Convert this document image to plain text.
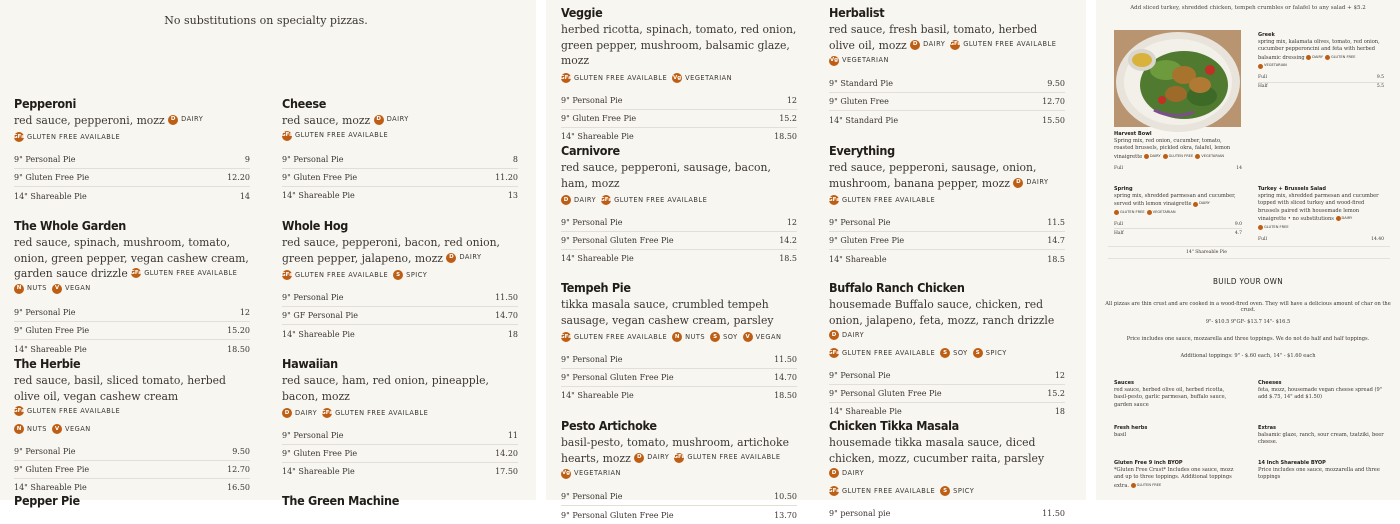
No substitutions on specialty pizzas.
Pepperoni
red sauce, pepperoni, mozz D DAIRY
GFa GLUTEN FREE AVAILABLE
9" Personal Pie	9
9" Gluten Free Pie	12.20
14" Shareable Pie	14
Cheese
red sauce, mozz D DAIRY
GFa GLUTEN FREE AVAILABLE
9" Personal Pie	8
9" Gluten Free Pie	11.20
14" Shareable Pie	13
The Whole Garden
red sauce, spinach, mushroom, tomato, onion, green pepper, vegan cashew cream, garden sauce drizzle GFa GLUTEN FREE AVAILABLE
N NUTS	V VEGAN
9" Personal Pie	12
9" Gluten Free Pie	15.20
14" Shareable Pie	18.50
Whole Hog
red sauce, pepperoni, bacon, red onion, green pepper, jalapeno, mozz D DAIRY
GFa GLUTEN FREE AVAILABLE	S SPICY
9" Personal Pie	11.50
9" GF Personal Pie	14.70
14" Shareable Pie	18
The Herbie
red sauce, basil, sliced tomato, herbed olive oil, vegan cashew cream
GFa GLUTEN FREE AVAILABLE
N NUTS	V VEGAN
9" Personal Pie	9.50
9" Gluten Free Pie	12.70
14" Shareable Pie	16.50
Hawaiian
red sauce, ham, red onion, pineapple, bacon, mozz
D DAIRY GFa GLUTEN FREE AVAILABLE
9" Personal Pie	11
9" Gluten Free Pie	14.20
14" Shareable Pie	17.50
Pepper Pie	The Green Machine
Veggie
herbed ricotta, spinach, tomato, red onion, green pepper, mushroom, balsamic glaze, mozz
GFa GLUTEN FREE AVAILABLE Vg VEGETARIAN
9" Personal Pie	12
9" Gluten Free Pie	15.2
14" Shareable Pie	18.50
Herbalist
red sauce, fresh basil, tomato, herbed olive oil, mozz D DAIRY GFa GLUTEN FREE AVAILABLE
Vg VEGETARIAN
9" Standard Pie	9.50
9" Gluten Free	12.70
14" Standard Pie	15.50
Carnivore
red sauce, pepperoni, sausage, bacon, ham, mozz
D DAIRY GFa GLUTEN FREE AVAILABLE
9" Personal Pie	12
9" Personal Gluten Free Pie	14.2
14" Shareable Pie	18.5
Everything
red sauce, pepperoni, sausage, onion, mushroom, banana pepper, mozz D DAIRY
GFa GLUTEN FREE AVAILABLE
9" Personal Pie	11.5
9" Gluten Free Pie	14.7
14" Shareable	18.5
Tempeh Pie
tikka masala sauce, crumbled tempeh sausage, vegan cashew cream, parsley
GFa GLUTEN FREE AVAILABLE	N NUTS	S SOY	V VEGAN
9" Personal Pie	11.50
9" Personal Gluten Free Pie	14.70
14" Shareable Pie	18.50
Buffalo Ranch Chicken
housemade Buffalo sauce, chicken, red onion, jalapeno, feta, mozz, ranch drizzle
D DAIRY
GFa GLUTEN FREE AVAILABLE	S SOY	S SPICY
9" Personal Pie	12
9" Personal Gluten Free Pie	15.2
14" Shareable Pie	18
Pesto Artichoke
basil-pesto, tomato, mushroom, artichoke hearts, mozz D DAIRY GFa GLUTEN FREE AVAILABLE
Vg VEGETARIAN
9" Personal Pie	10.50
9" Personal Gluten Free Pie	13.70
Chicken Tikka Masala
housemade tikka masala sauce, diced chicken, mozz, cucumber raita, parsley
D DAIRY
GFa GLUTEN FREE AVAILABLE	S SPICY
9" personal pie	11.50
Add sliced turkey, shredded chicken, tempeh crumbles or falafel to any salad + $5.2
Greek
spring mix, kalamata olives, tomato, red onion, cucumber pepperoncini and feta with herbed balsamic dressing
DAIRY GLUTEN FREE
VEGETARIAN
Full	9.5
Half	5.5
Harvest Bowl
Spring mix, red onion, cucumber, tomato, roasted brussels, pickled okra, falafel, lemon vinaigrette
DAIRY GLUTEN FREE VEGETARIAN
Full	14
Spring
spring mix, shredded parmesan and cucumber, served with lemon vinaigrette
DAIRY
GLUTEN FREE VEGETARIAN
Full	9.0
Half	4.7
Turkey + Brussels Salad
spring mix, shredded parmesan and cucumber topped with sliced turkey and wood-fired brussels paired with housemade lemon vinaigrette • no substitutions
DAIRY
GLUTEN FREE
Full	14.40
14" Shareable Pie
BUILD YOUR OWN
All pizzas are thin crust and are cooked in a wood-fired oven. They will have a delicious amount of char on the crust.
9"- $10.5 9"GF- $13.7 14"- $16.5
Price includes one sauce, mozzarella and three toppings. We do not do half and half toppings.
Additional toppings: 9" - $.60 each, 14" - $1.60 each
Sauces
red sauce, herbed olive oil, herbed ricotta, basil-pesto, garlic parmesan, buffalo sauce, garden sauce
Cheeses
feta, mozz, housemade vegan cheese spread (9" add $.75, 14" add $1.50)
Fresh herbs
basil
Extras
balsamic glaze, ranch, sour cream, tzatziki, beer cheese.
Gluten Free 9 inch BYOP
*Gluten Free Crust* Includes one sauce, mozz and up to three toppings. Additional toppings extra.
GLUTEN FREE
14 Inch Shareable BYOP
Price includes one sauce, mozzarella and three toppings
